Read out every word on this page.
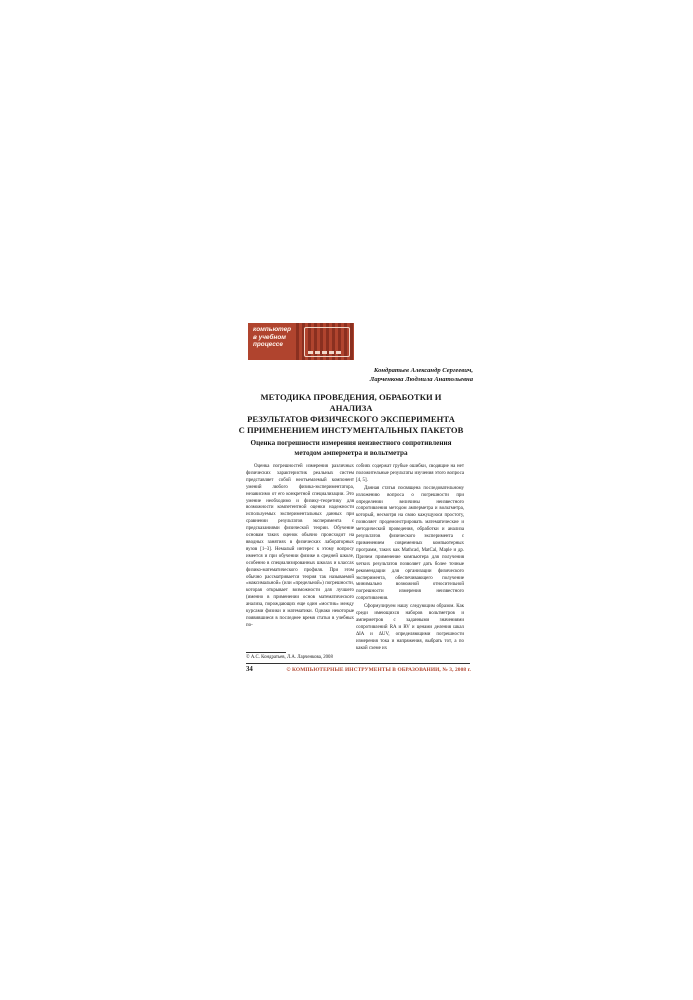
компьютер
в учебном
процессе
Кондратьев Александр Сергеевич,
Ларченкова Людмила Анатольевна
МЕТОДИКА ПРОВЕДЕНИЯ, ОБРАБОТКИ И АНАЛИЗА
РЕЗУЛЬТАТОВ ФИЗИЧЕСКОГО ЭКСПЕРИМЕНТА
С ПРИМЕНЕНИЕМ ИНСТУМЕНТАЛЬНЫХ ПАКЕТОВ
Оценка погрешности измерения неизвестного сопротивления
методом амперметра и вольтметра

Оценка погрешностей измерения различных физических характеристик реальных систем представляет собой неотъемлемый компонент умений любого физика-экспериментатора, независимо от его конкретной специализации. Это умение необходимо и физику-теоретику для возможности компетентной оценки надежности используемых экспериментальных данных при сравнении результатов эксперимента с предсказаниями физической теории. Обучение основам таких оценок обычно происходит на вводных занятиях в физических лабораторных вузов [1–3]. Немалый интерес к этому вопросу имеется и при обучении физике в средней школе, особенно в специализированных школах и классах физико-математического профиля. При этом обычно рассматривается теория так называемой «максимальной» (или «предельной») погрешности, которая открывает возможности для лучшего (именно в применении основ математического анализа, порождающих еще один «мостик» между курсами физики и математики. Однако некоторые появившиеся в последнее время статьи в учебных по-

собиях содержат грубые ошибки, сводящие на нет положительные результаты изучения этого вопроса [4, 5].

Данная статья посвящена последовательному изложению вопроса о погрешности при определении величины неизвестного сопротивления методом амперметра и вольтметра, который, несмотря на свою кажущуюся простоту, позволяет продемонстрировать математические и методический проведения, обработки и анализа результатов физического эксперимента с применением современных компьютерных программ, таких как Mathcad, MatCal, Maple и др. Причем применение компьютера для получения четких результатов позволяет дать более точные рекомендации для организации физического эксперимента, обеспечивающего получение минимально возможной относительной погрешности измерения неизвестного сопротивления.

Сформулируем нашу следующим образом. Как среди имеющихся наборов вольтметров и амперметров с заданными значениями сопротивлений RA и RV и ценами деления шкал ΔIA и ΔUV, определяющими погрешности измерения тока и напряжения, выбрать тот, а по какой схеме их

© А.С. Кондратьев, Л.А. Ларченкова, 2008
34	© КОМПЬЮТЕРНЫЕ ИНСТРУМЕНТЫ В ОБРАЗОВАНИИ, № 3, 2008 г.
